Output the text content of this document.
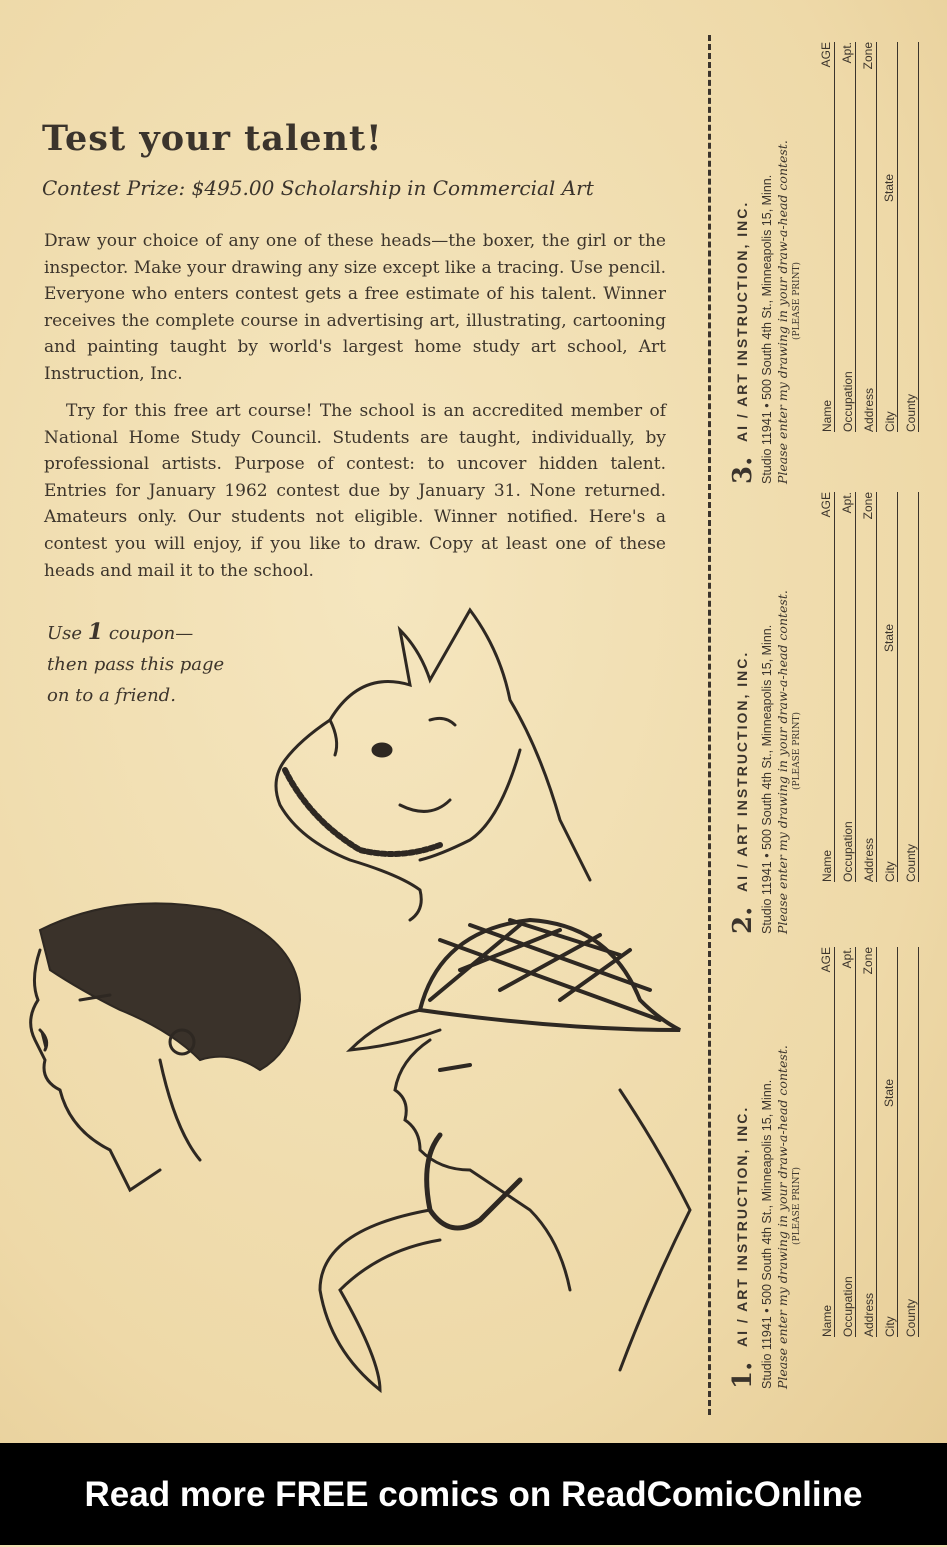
Test your talent!
Contest Prize: $495.00 Scholarship in Commercial Art

Draw your choice of any one of these heads—the boxer, the girl or the inspector. Make your drawing any size except like a tracing. Use pencil. Everyone who enters contest gets a free estimate of his talent. Winner receives the complete course in advertising art, illustrating, cartooning and painting taught by world's largest home study art school, Art Instruction, Inc.

Try for this free art course! The school is an accredited member of National Home Study Council. Students are taught, individually, by professional artists. Purpose of contest: to uncover hidden talent. Entries for January 1962 contest due by January 31. None returned. Amateurs only. Our students not eligible. Winner notified. Here's a contest you will enjoy, if you like to draw. Copy at least one of these heads and mail it to the school.

Use 1 coupon—
then pass this page
on to a friend.
3.
AI / ART INSTRUCTION, INC. Studio 11941 • 500 South 4th St., Minneapolis 15, Minn. Please enter my drawing in your draw-a-head contest. (PLEASE PRINT)
Name
AGE
Occupation
Apt.
Address
Zone
City
State
County
2.
AI / ART INSTRUCTION, INC. Studio 11941 • 500 South 4th St., Minneapolis 15, Minn. Please enter my drawing in your draw-a-head contest. (PLEASE PRINT)
Name
AGE
Occupation
Apt.
Address
Zone
City
State
County
1.
AI / ART INSTRUCTION, INC. Studio 11941 • 500 South 4th St., Minneapolis 15, Minn. Please enter my drawing in your draw-a-head contest. (PLEASE PRINT)
Name
AGE
Occupation
Apt.
Address
Zone
City
State
County
Read more FREE comics on ReadComicOnline
